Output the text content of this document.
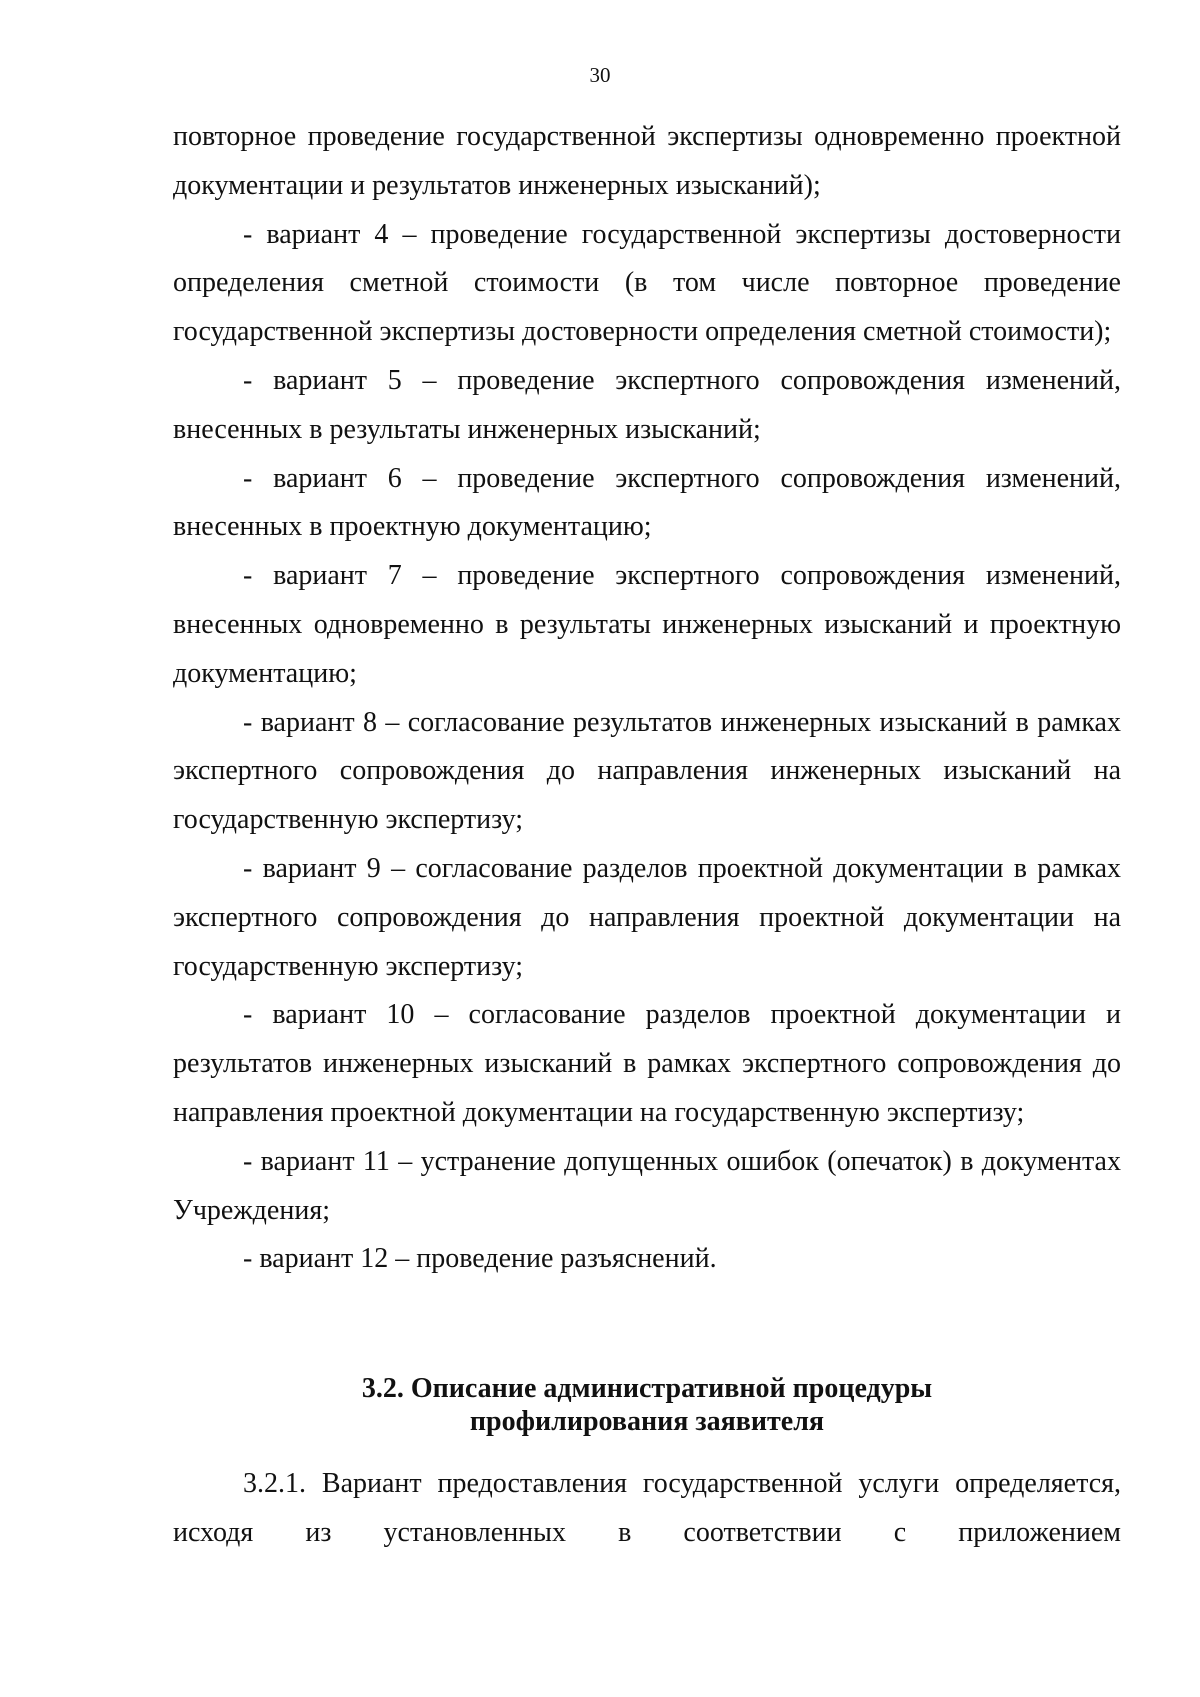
30

повторное проведение государственной экспертизы одновременно проектной документации и результатов инженерных изысканий);

- вариант 4 – проведение государственной экспертизы достоверности определения сметной стоимости (в том числе повторное проведение государственной экспертизы достоверности определения сметной стоимости);

- вариант 5 – проведение экспертного сопровождения изменений, внесенных в результаты инженерных изысканий;

- вариант 6 – проведение экспертного сопровождения изменений, внесенных в проектную документацию;

- вариант 7 – проведение экспертного сопровождения изменений, внесенных одновременно в результаты инженерных изысканий и проектную документацию;

- вариант 8 – согласование результатов инженерных изысканий в рамках экспертного сопровождения до направления инженерных изысканий на государственную экспертизу;

- вариант 9 – согласование разделов проектной документации в рамках экспертного сопровождения до направления проектной документации на государственную экспертизу;

- вариант 10 – согласование разделов проектной документации и результатов инженерных изысканий в рамках экспертного сопровождения до направления проектной документации на государственную экспертизу;

- вариант 11 – устранение допущенных ошибок (опечаток) в документах Учреждения;

- вариант 12 – проведение разъяснений.

3.2. Описание административной процедуры
профилирования заявителя

3.2.1. Вариант предоставления государственной услуги определяется, исходя из установленных в соответствии с приложением
